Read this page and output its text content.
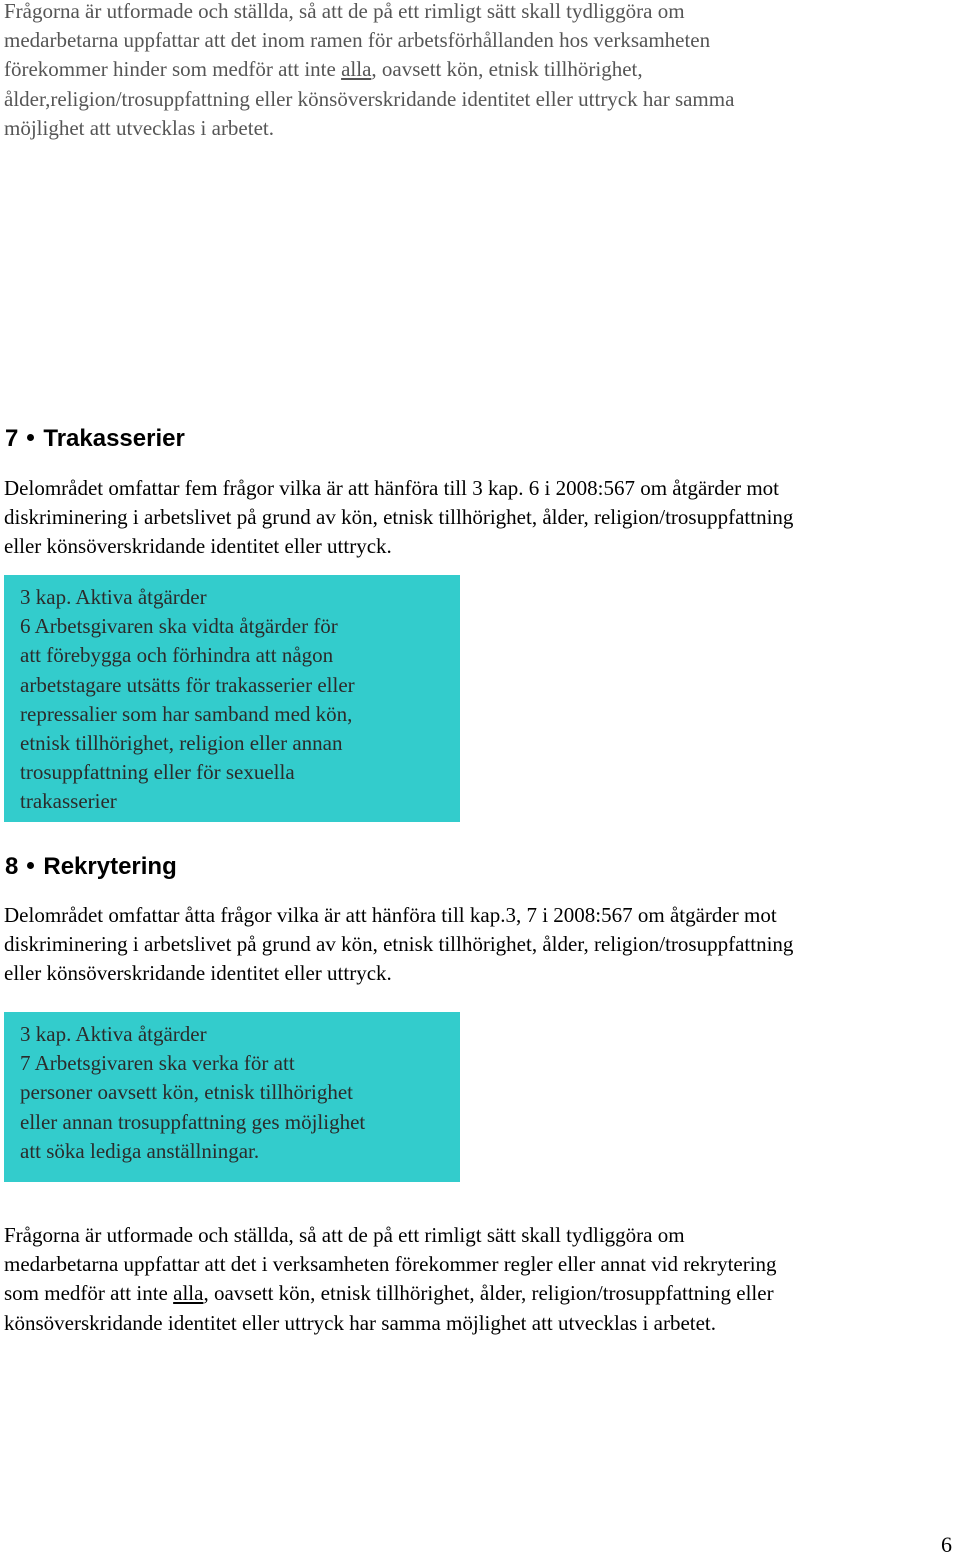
Frågorna är utformade och ställda, så att de på ett rimligt sätt skall tydliggöra om
medarbetarna uppfattar att det inom ramen för arbetsförhållanden hos verksamheten
förekommer hinder som medför att inte alla, oavsett kön, etnisk tillhörighet,
ålder,religion/trosuppfattning eller könsöverskridande identitet eller uttryck har samma
möjlighet att utvecklas i arbetet.

7 Trakasserier

Delområdet omfattar fem frågor vilka är att hänföra till 3 kap. 6 i 2008:567 om åtgärder mot
diskriminering i arbetslivet på grund av kön, etnisk tillhörighet, ålder, religion/trosuppfattning
eller könsöverskridande identitet eller uttryck.

3 kap. Aktiva åtgärder
6 Arbetsgivaren ska vidta åtgärder för
att förebygga och förhindra att någon
arbetstagare utsätts för trakasserier eller
repressalier som har samband med kön,
etnisk tillhörighet, religion eller annan
trosuppfattning eller för sexuella
trakasserier
8 Rekrytering

Delområdet omfattar åtta frågor vilka är att hänföra till kap.3, 7 i 2008:567 om åtgärder mot
diskriminering i arbetslivet på grund av kön, etnisk tillhörighet, ålder, religion/trosuppfattning
eller könsöverskridande identitet eller uttryck.

3 kap. Aktiva åtgärder
7 Arbetsgivaren ska verka för att
personer oavsett kön, etnisk tillhörighet
eller annan trosuppfattning ges möjlighet
att söka lediga anställningar.

Frågorna är utformade och ställda, så att de på ett rimligt sätt skall tydliggöra om
medarbetarna uppfattar att det i verksamheten förekommer regler eller annat vid rekrytering
som medför att inte alla, oavsett kön, etnisk tillhörighet, ålder, religion/trosuppfattning eller
könsöverskridande identitet eller uttryck har samma möjlighet att utvecklas i arbetet.

6
